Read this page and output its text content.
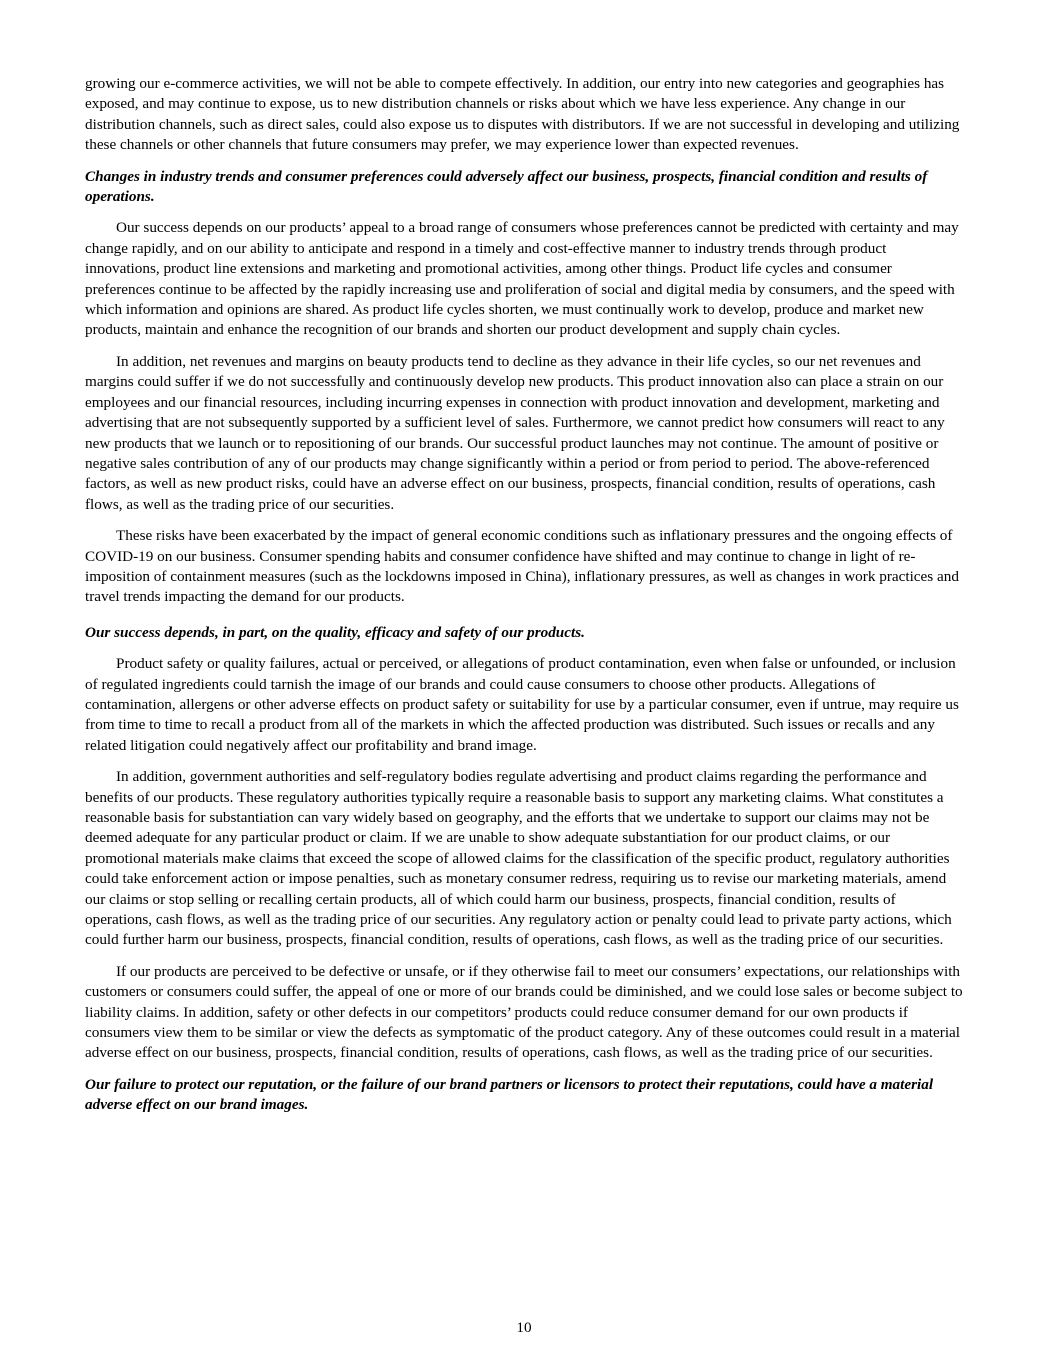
growing our e-commerce activities, we will not be able to compete effectively. In addition, our entry into new categories and geographies has exposed, and may continue to expose, us to new distribution channels or risks about which we have less experience. Any change in our distribution channels, such as direct sales, could also expose us to disputes with distributors. If we are not successful in developing and utilizing these channels or other channels that future consumers may prefer, we may experience lower than expected revenues.

Changes in industry trends and consumer preferences could adversely affect our business, prospects, financial condition and results of operations.

Our success depends on our products’ appeal to a broad range of consumers whose preferences cannot be predicted with certainty and may change rapidly, and on our ability to anticipate and respond in a timely and cost-effective manner to industry trends through product innovations, product line extensions and marketing and promotional activities, among other things. Product life cycles and consumer preferences continue to be affected by the rapidly increasing use and proliferation of social and digital media by consumers, and the speed with which information and opinions are shared. As product life cycles shorten, we must continually work to develop, produce and market new products, maintain and enhance the recognition of our brands and shorten our product development and supply chain cycles.

In addition, net revenues and margins on beauty products tend to decline as they advance in their life cycles, so our net revenues and margins could suffer if we do not successfully and continuously develop new products. This product innovation also can place a strain on our employees and our financial resources, including incurring expenses in connection with product innovation and development, marketing and advertising that are not subsequently supported by a sufficient level of sales. Furthermore, we cannot predict how consumers will react to any new products that we launch or to repositioning of our brands. Our successful product launches may not continue. The amount of positive or negative sales contribution of any of our products may change significantly within a period or from period to period. The above-referenced factors, as well as new product risks, could have an adverse effect on our business, prospects, financial condition, results of operations, cash flows, as well as the trading price of our securities.

These risks have been exacerbated by the impact of general economic conditions such as inflationary pressures and the ongoing effects of COVID-19 on our business. Consumer spending habits and consumer confidence have shifted and may continue to change in light of re-imposition of containment measures (such as the lockdowns imposed in China), inflationary pressures, as well as changes in work practices and travel trends impacting the demand for our products.

Our success depends, in part, on the quality, efficacy and safety of our products.

Product safety or quality failures, actual or perceived, or allegations of product contamination, even when false or unfounded, or inclusion of regulated ingredients could tarnish the image of our brands and could cause consumers to choose other products. Allegations of contamination, allergens or other adverse effects on product safety or suitability for use by a particular consumer, even if untrue, may require us from time to time to recall a product from all of the markets in which the affected production was distributed. Such issues or recalls and any related litigation could negatively affect our profitability and brand image.

In addition, government authorities and self-regulatory bodies regulate advertising and product claims regarding the performance and benefits of our products. These regulatory authorities typically require a reasonable basis to support any marketing claims. What constitutes a reasonable basis for substantiation can vary widely based on geography, and the efforts that we undertake to support our claims may not be deemed adequate for any particular product or claim. If we are unable to show adequate substantiation for our product claims, or our promotional materials make claims that exceed the scope of allowed claims for the classification of the specific product, regulatory authorities could take enforcement action or impose penalties, such as monetary consumer redress, requiring us to revise our marketing materials, amend our claims or stop selling or recalling certain products, all of which could harm our business, prospects, financial condition, results of operations, cash flows, as well as the trading price of our securities. Any regulatory action or penalty could lead to private party actions, which could further harm our business, prospects, financial condition, results of operations, cash flows, as well as the trading price of our securities.

If our products are perceived to be defective or unsafe, or if they otherwise fail to meet our consumers’ expectations, our relationships with customers or consumers could suffer, the appeal of one or more of our brands could be diminished, and we could lose sales or become subject to liability claims. In addition, safety or other defects in our competitors’ products could reduce consumer demand for our own products if consumers view them to be similar or view the defects as symptomatic of the product category. Any of these outcomes could result in a material adverse effect on our business, prospects, financial condition, results of operations, cash flows, as well as the trading price of our securities.

Our failure to protect our reputation, or the failure of our brand partners or licensors to protect their reputations, could have a material adverse effect on our brand images.

10
